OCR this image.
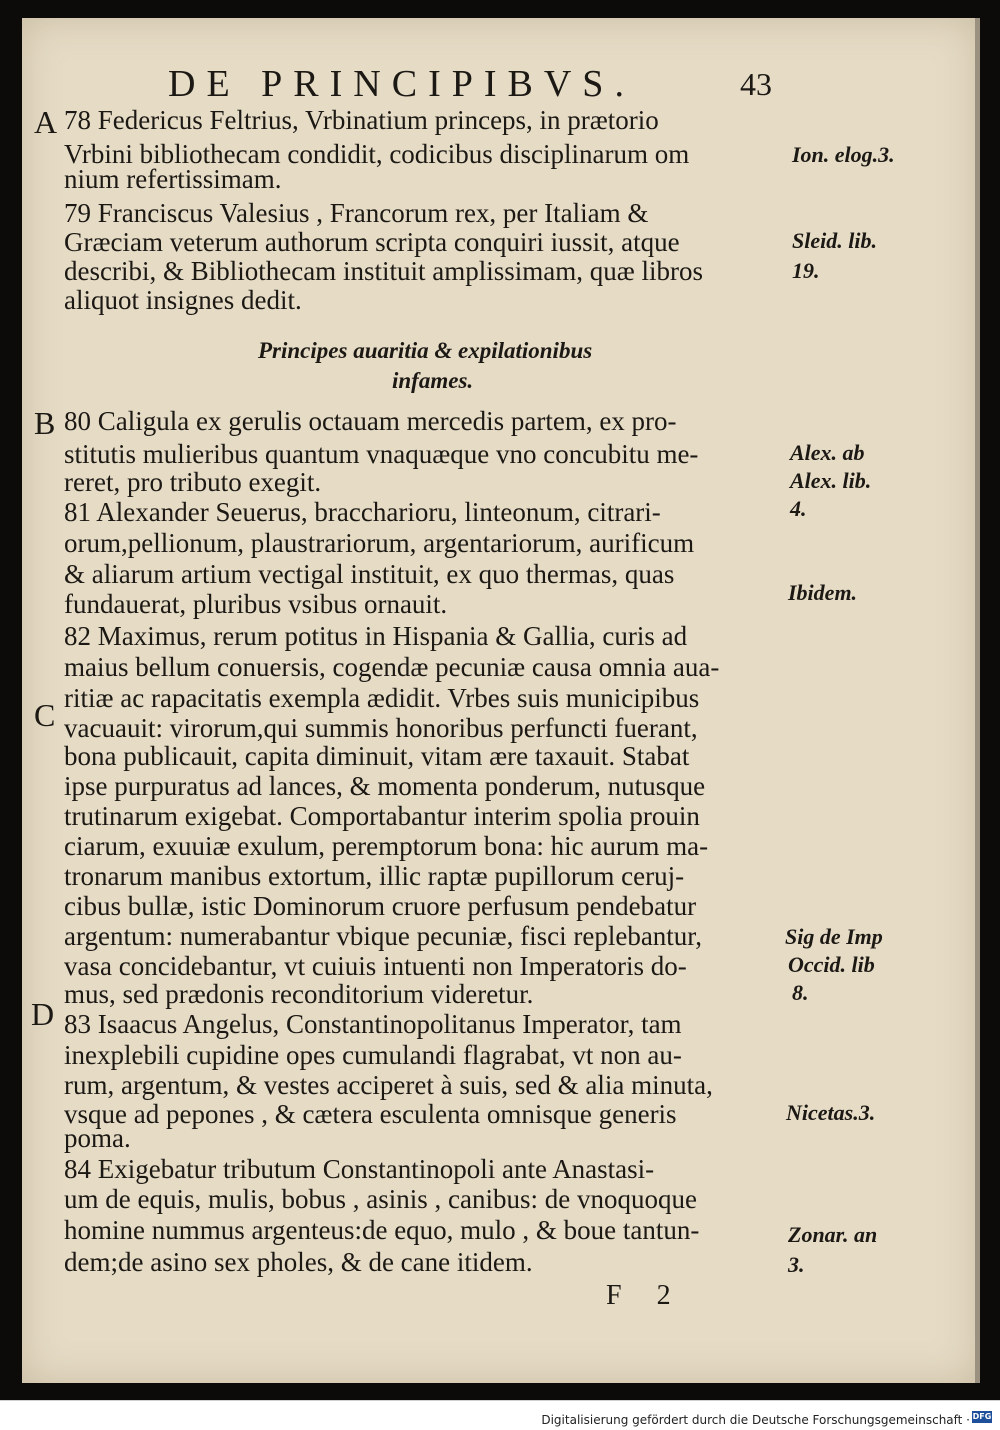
DE PRINCIPIBVS.	43
A
B
C
D
78 Federicus Feltrius, Vrbinatium princeps, in prætorio
Vrbini bibliothecam condidit, codicibus disciplinarum om
nium refertissimam.
79 Franciscus Valesius , Francorum rex, per Italiam &
Græciam veterum authorum scripta conquiri iussit, atque
describi, & Bibliothecam instituit amplissimam, quæ libros
aliquot insignes dedit.
Principes auaritia & expilationibus
infames.
80 Caligula ex gerulis octauam mercedis partem, ex pro-
stitutis mulieribus quantum vnaquæque vno concubitu me-
reret, pro tributo exegit.
81 Alexander Seuerus, braccharioru, linteonum, citrari-
orum,pellionum, plaustrariorum, argentariorum, aurificum
& aliarum artium vectigal instituit, ex quo thermas, quas
fundauerat, pluribus vsibus ornauit.
82 Maximus, rerum potitus in Hispania & Gallia, curis ad
maius bellum conuersis, cogendæ pecuniæ causa omnia aua-
ritiæ ac rapacitatis exempla ædidit. Vrbes suis municipibus
vacuauit: virorum,qui summis honoribus perfuncti fuerant,
bona publicauit, capita diminuit, vitam ære taxauit. Stabat
ipse purpuratus ad lances, & momenta ponderum, nutusque
trutinarum exigebat. Comportabantur interim spolia prouin
ciarum, exuuiæ exulum, peremptorum bona: hic aurum ma-
tronarum manibus extortum, illic raptæ pupillorum ceruj-
cibus bullæ, istic Dominorum cruore perfusum pendebatur
argentum: numerabantur vbique pecuniæ, fisci replebantur,
vasa concidebantur, vt cuiuis intuenti non Imperatoris do-
mus, sed prædonis reconditorium videretur.
83 Isaacus Angelus, Constantinopolitanus Imperator, tam
inexplebili cupidine opes cumulandi flagrabat, vt non au-
rum, argentum, & vestes acciperet à suis, sed & alia minuta,
vsque ad pepones , & cætera esculenta omnisque generis
poma.
84 Exigebatur tributum Constantinopoli ante Anastasi-
um de equis, mulis, bobus , asinis , canibus: de vnoquoque
homine nummus argenteus:de equo, mulo , & boue tantun-
dem;de asino sex pholes, & de cane itidem.
Ion. elog.3.
Sleid. lib.
19.
Alex. ab
Alex. lib.
4.
Ibidem.
Sig de Imp
Occid. lib
8.
Nicetas.3.
Zonar. an
3.
F 2
Digitalisierung gefördert durch die Deutsche Forschungsgemeinschaft · DFG
